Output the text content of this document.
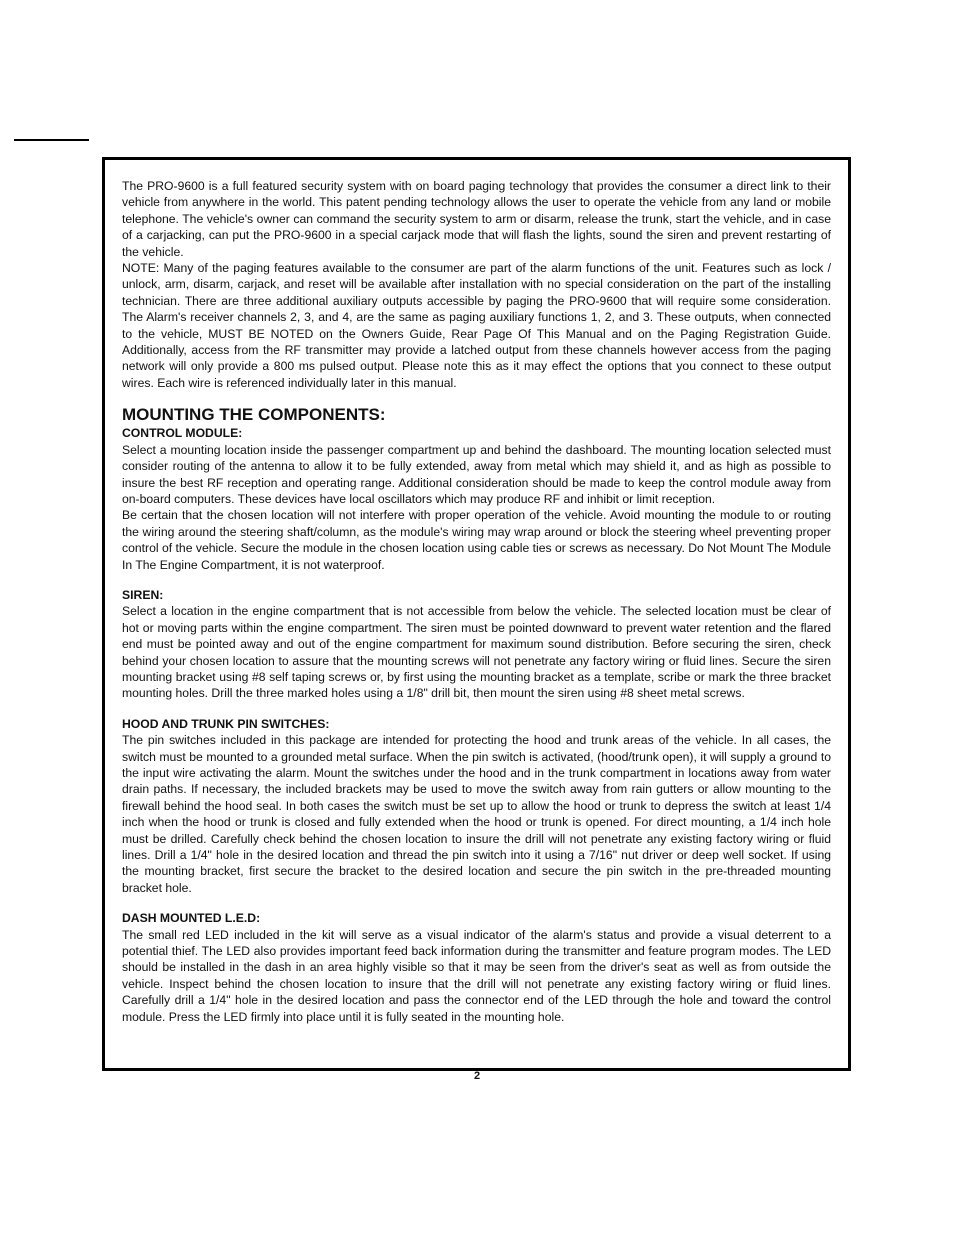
The PRO-9600 is a full featured security system with on board paging technology that provides the consumer a direct link to their vehicle from anywhere in the world. This patent pending technology allows the user to operate the vehicle from any land or mobile telephone. The vehicle's owner can command the security system to arm or disarm, release the trunk, start the vehicle, and in case of a carjacking, can put the PRO-9600 in a special carjack mode that will flash the lights, sound the siren and prevent restarting of the vehicle.

NOTE: Many of the paging features available to the consumer are part of the alarm functions of the unit. Features such as lock / unlock, arm, disarm, carjack, and reset will be available after installation with no special consideration on the part of the installing technician. There are three additional auxiliary outputs accessible by paging the PRO-9600 that will require some consideration. The Alarm's receiver channels 2, 3, and 4, are the same as paging auxiliary functions 1, 2, and 3. These outputs, when connected to the vehicle, MUST BE NOTED on the Owners Guide, Rear Page Of This Manual and on the Paging Registration Guide. Additionally, access from the RF transmitter may provide a latched output from these channels however access from the paging network will only provide a 800 ms pulsed output. Please note this as it may effect the options that you connect to these output wires. Each wire is referenced individually later in this manual.

MOUNTING THE COMPONENTS:
CONTROL MODULE:

Select a mounting location inside the passenger compartment up and behind the dashboard. The mounting location selected must consider routing of the antenna to allow it to be fully extended, away from metal which may shield it, and as high as possible to insure the best RF reception and operating range. Additional consideration should be made to keep the control module away from on-board computers. These devices have local oscillators which may produce RF and inhibit or limit reception.

Be certain that the chosen location will not interfere with proper operation of the vehicle. Avoid mounting the module to or routing the wiring around the steering shaft/column, as the module's wiring may wrap around or block the steering wheel preventing proper control of the vehicle. Secure the module in the chosen location using cable ties or screws as necessary. Do Not Mount The Module In The Engine Compartment, it is not waterproof.

SIREN:

Select a location in the engine compartment that is not accessible from below the vehicle. The selected location must be clear of hot or moving parts within the engine compartment. The siren must be pointed downward to prevent water retention and the flared end must be pointed away and out of the engine compartment for maximum sound distribution. Before securing the siren, check behind your chosen location to assure that the mounting screws will not penetrate any factory wiring or fluid lines. Secure the siren mounting bracket using #8 self taping screws or, by first using the mounting bracket as a template, scribe or mark the three bracket mounting holes. Drill the three marked holes using a 1/8" drill bit, then mount the siren using #8 sheet metal screws.

HOOD AND TRUNK PIN SWITCHES:

The pin switches included in this package are intended for protecting the hood and trunk areas of the vehicle. In all cases, the switch must be mounted to a grounded metal surface. When the pin switch is activated, (hood/trunk open), it will supply a ground to the input wire activating the alarm. Mount the switches under the hood and in the trunk compartment in locations away from water drain paths. If necessary, the included brackets may be used to move the switch away from rain gutters or allow mounting to the firewall behind the hood seal. In both cases the switch must be set up to allow the hood or trunk to depress the switch at least 1/4 inch when the hood or trunk is closed and fully extended when the hood or trunk is opened. For direct mounting, a 1/4 inch hole must be drilled. Carefully check behind the chosen location to insure the drill will not penetrate any existing factory wiring or fluid lines. Drill a 1/4" hole in the desired location and thread the pin switch into it using a 7/16" nut driver or deep well socket. If using the mounting bracket, first secure the bracket to the desired location and secure the pin switch in the pre-threaded mounting bracket hole.

DASH MOUNTED L.E.D:

The small red LED included in the kit will serve as a visual indicator of the alarm's status and provide a visual deterrent to a potential thief. The LED also provides important feed back information during the transmitter and feature program modes. The LED should be installed in the dash in an area highly visible so that it may be seen from the driver's seat as well as from outside the vehicle. Inspect behind the chosen location to insure that the drill will not penetrate any existing factory wiring or fluid lines. Carefully drill a 1/4" hole in the desired location and pass the connector end of the LED through the hole and toward the control module. Press the LED firmly into place until it is fully seated in the mounting hole.

2
